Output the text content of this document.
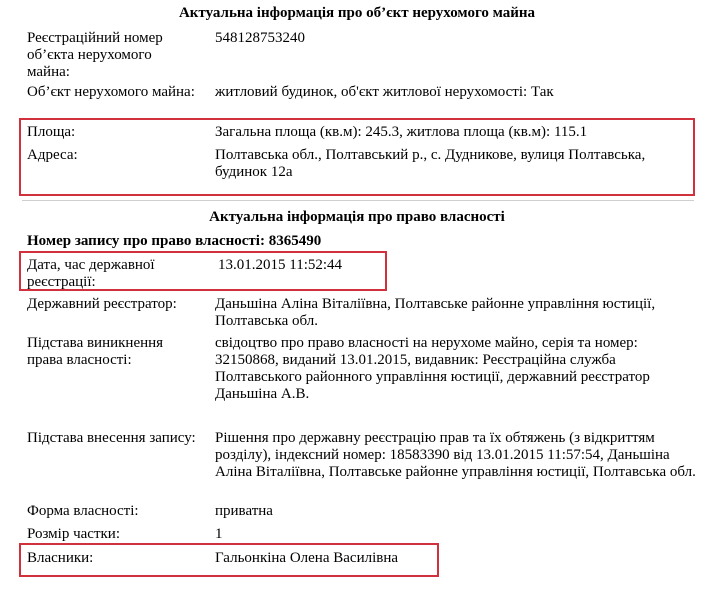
Актуальна інформація про об’єкт нерухомого майна
Реєстраційний номер об’єкта нерухомого майна:
548128753240
Об’єкт нерухомого майна: житловий будинок, об'єкт житлової нерухомості: Так
Площа:	Загальна площа (кв.м): 245.3, житлова площа (кв.м): 115.1
Адреса:	Полтавська обл., Полтавський р., с. Дудникове, вулиця Полтавська, будинок 12а
Актуальна інформація про право власності
Номер запису про право власності: 8365490
Дата, час державної реєстрації:
13.01.2015 11:52:44
Державний реєстратор:	Даньшіна Аліна Віталіївна, Полтавське районне управління юстиції, Полтавська обл.
Підстава виникнення права власності:
свідоцтво про право власності на нерухоме майно, серія та номер: 32150868, виданий 13.01.2015, видавник: Реєстраційна служба Полтавського районного управління юстиції, державний реєстратор Даньшіна А.В.
Підстава внесення запису: Рішення про державну реєстрацію прав та їх обтяжень (з відкриттям розділу), індексний номер: 18583390 від 13.01.2015 11:57:54, Даньшіна Аліна Віталіївна, Полтавське районне управління юстиції, Полтавська обл.
Форма власності:	приватна
Розмір частки:	1
Власники:	Гальонкіна Олена Василівна
